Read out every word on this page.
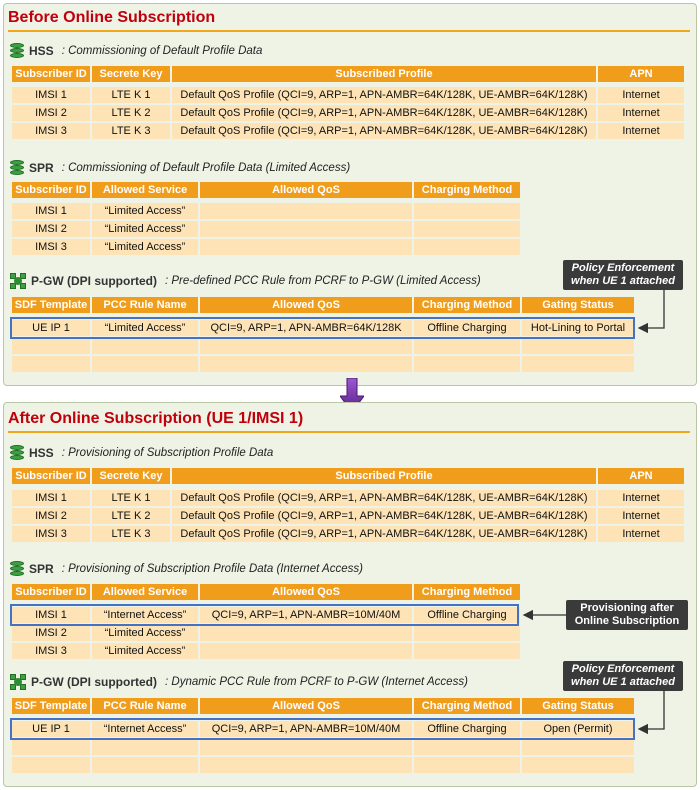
Before Online Subscription
HSS : Commissioning of Default Profile Data
Subscriber ID	Secrete Key	Subscribed Profile	APN
IMSI 1	LTE K 1	Default QoS Profile (QCI=9, ARP=1, APN-AMBR=64K/128K, UE-AMBR=64K/128K)	Internet
IMSI 2	LTE K 2	Default QoS Profile (QCI=9, ARP=1, APN-AMBR=64K/128K, UE-AMBR=64K/128K)	Internet
IMSI 3	LTE K 3	Default QoS Profile (QCI=9, ARP=1, APN-AMBR=64K/128K, UE-AMBR=64K/128K)	Internet
SPR : Commissioning of Default Profile Data (Limited Access)
Subscriber ID	Allowed Service	Allowed QoS	Charging Method
IMSI 1	“Limited Access”
IMSI 2	“Limited Access”
IMSI 3	“Limited Access”
P-GW (DPI supported) : Pre-defined PCC Rule from PCRF to P-GW (Limited Access)
Policy Enforcement
when UE 1 attached
SDF Template	PCC Rule Name	Allowed QoS	Charging Method	Gating Status
UE IP 1	“Limited Access”	QCI=9, ARP=1, APN-AMBR=64K/128K	Offline Charging	Hot-Lining to Portal
After Online Subscription (UE 1/IMSI 1)
HSS : Provisioning of Subscription Profile Data
Subscriber ID	Secrete Key	Subscribed Profile	APN
IMSI 1	LTE K 1	Default QoS Profile (QCI=9, ARP=1, APN-AMBR=64K/128K, UE-AMBR=64K/128K)	Internet
IMSI 2	LTE K 2	Default QoS Profile (QCI=9, ARP=1, APN-AMBR=64K/128K, UE-AMBR=64K/128K)	Internet
IMSI 3	LTE K 3	Default QoS Profile (QCI=9, ARP=1, APN-AMBR=64K/128K, UE-AMBR=64K/128K)	Internet
SPR : Provisioning of Subscription Profile Data (Internet Access)
Subscriber ID	Allowed Service	Allowed QoS	Charging Method
IMSI 1	“Internet Access”	QCI=9, ARP=1, APN-AMBR=10M/40M	Offline Charging
IMSI 2	“Limited Access”
IMSI 3	“Limited Access”
Provisioning after
Online Subscription
P-GW (DPI supported) : Dynamic PCC Rule from PCRF to P-GW (Internet Access)
Policy Enforcement
when UE 1 attached
SDF Template	PCC Rule Name	Allowed QoS	Charging Method	Gating Status
UE IP 1	“Internet Access”	QCI=9, ARP=1, APN-AMBR=10M/40M	Offline Charging	Open (Permit)
